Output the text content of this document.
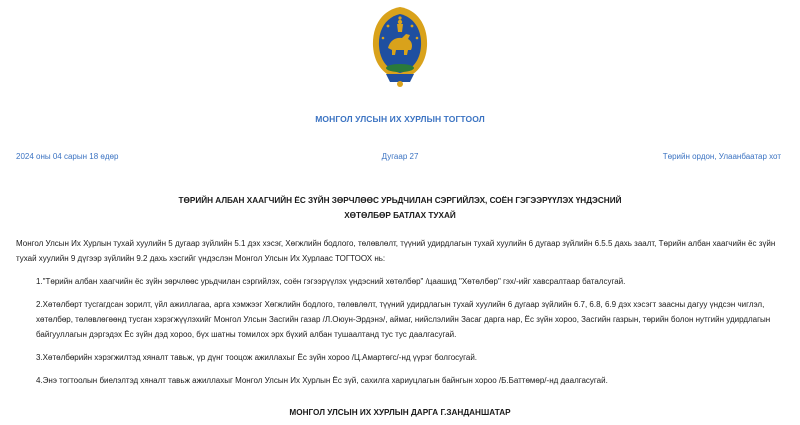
МОНГОЛ УЛСЫН ИХ ХУРЛЫН ТОГТООЛ
2024 оны 04 сарын 18 өдөр	Дугаар 27	Төрийн ордон, Улаанбаатар хот
ТӨРИЙН АЛБАН ХААГЧИЙН ЁС ЗҮЙН ЗӨРЧЛӨӨС УРЬДЧИЛАН СЭРГИЙЛЭХ, СОЁН ГЭГЭЭРҮҮЛЭХ ҮНДЭСНИЙ
ХӨТӨЛБӨР БАТЛАХ ТУХАЙ
Монгол Улсын Их Хурлын тухай хуулийн 5 дугаар зүйлийн 5.1 дэх хэсэг, Хөгжлийн бодлого, төлөвлөлт, түүний удирдлагын тухай хуулийн 6 дугаар зүйлийн 6.5.5 дахь заалт, Төрийн албан хаагчийн ёс зүйн тухай хуулийн 9 дүгээр зүйлийн 9.2 дахь хэсгийг үндэслэн Монгол Улсын Их Хурлаас ТОГТООХ нь:
1."Төрийн албан хаагчийн ёс зүйн зөрчлөөс урьдчилан сэргийлэх, соён гэгээрүүлэх үндэсний хөтөлбөр" /цаашид "Хөтөлбөр" гэх/-ийг хавсралтаар баталсугай.
2.Хөтөлбөрт тусгагдсан зорилт, үйл ажиллагаа, арга хэмжээг Хөгжлийн бодлого, төлөвлөлт, түүний удирдлагын тухай хуулийн 6 дугаар зүйлийн 6.7, 6.8, 6.9 дэх хэсэгт заасны дагуу үндсэн чиглэл, хөтөлбөр, төлөвлөгөөнд тусган хэрэгжүүлэхийг Монгол Улсын Засгийн газар /Л.Оюун-Эрдэнэ/, аймаг, нийслэлийн Засаг дарга нар, Ёс зүйн хороо, Засгийн газрын, төрийн болон нутгийн удирдлагын байгууллагын дэргэдэх Ёс зүйн дэд хороо, бүх шатны томилох эрх бүхий албан тушаалтанд тус тус даалгасугай.
3.Хөтөлбөрийн хэрэгжилтэд хяналт тавьж, үр дүнг тооцож ажиллахыг Ёс зүйн хороо /Ц.Амартөгс/-нд үүрэг болгосугай.
4.Энэ тогтоолын биелэлтэд хяналт тавьж ажиллахыг Монгол Улсын Их Хурлын Ёс зүй, сахилга хариуцлагын байнгын хороо /Б.Баттөмөр/-нд даалгасугай.
МОНГОЛ УЛСЫН ИХ ХУРЛЫН ДАРГА Г.ЗАНДАНШАТАР
